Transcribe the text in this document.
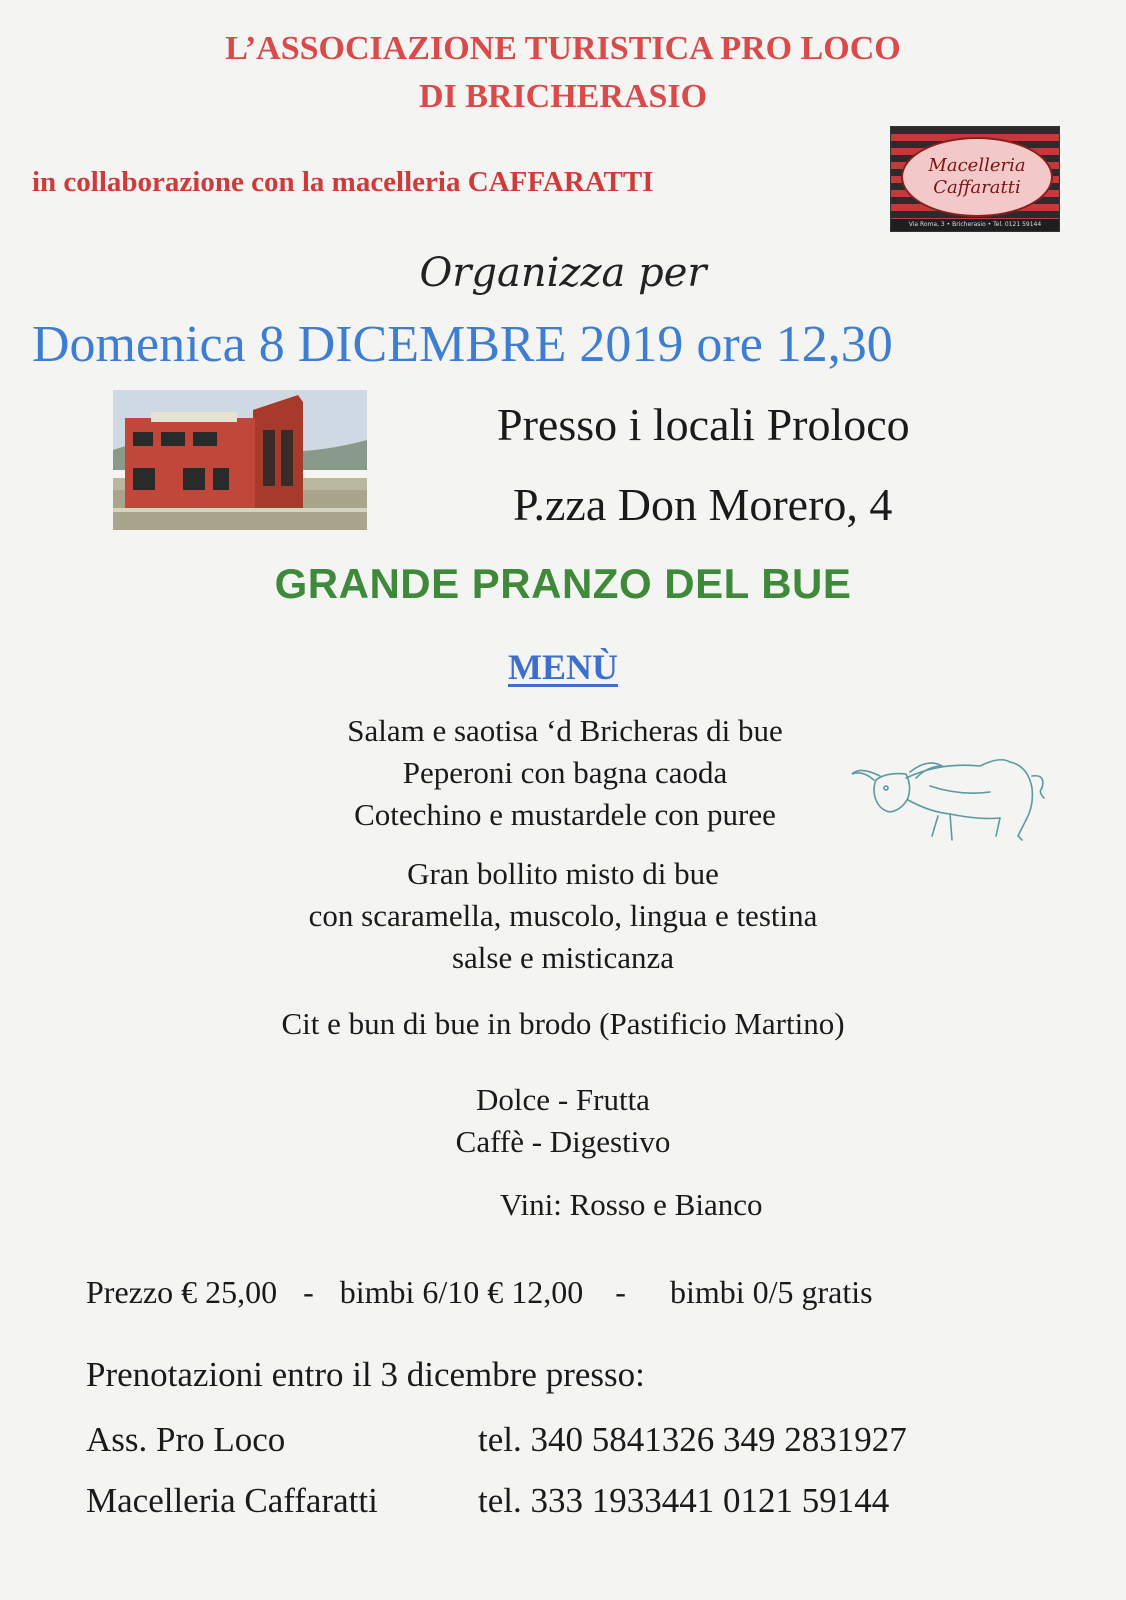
L’ASSOCIAZIONE TURISTICA PRO LOCO
DI BRICHERASIO
in collaborazione con la macelleria CAFFARATTI
Macelleria
Caffaratti
Via Roma, 3 • Bricherasio • Tel. 0121 59144
Organizza per
Domenica 8 DICEMBRE 2019 ore 12,30
Presso i locali Proloco
P.zza Don Morero, 4
GRANDE PRANZO DEL BUE
MENÙ
Salam e saotisa ‘d Bricheras di bue
Peperoni con bagna caoda
Cotechino e mustardele con puree
Gran bollito misto di bue
con scaramella, muscolo, lingua e testina
salse e misticanza
Cit e bun di bue in brodo (Pastificio Martino)
Dolce - Frutta
Caffè - Digestivo
Vini: Rosso e Bianco
Prezzo € 25,00 - bimbi 6/10 € 12,00 - bimbi 0/5 gratis
Prenotazioni entro il 3 dicembre presso:
Ass. Pro Loco	tel. 340 5841326 349 2831927
Macelleria Caffaratti	tel. 333 1933441 0121 59144
